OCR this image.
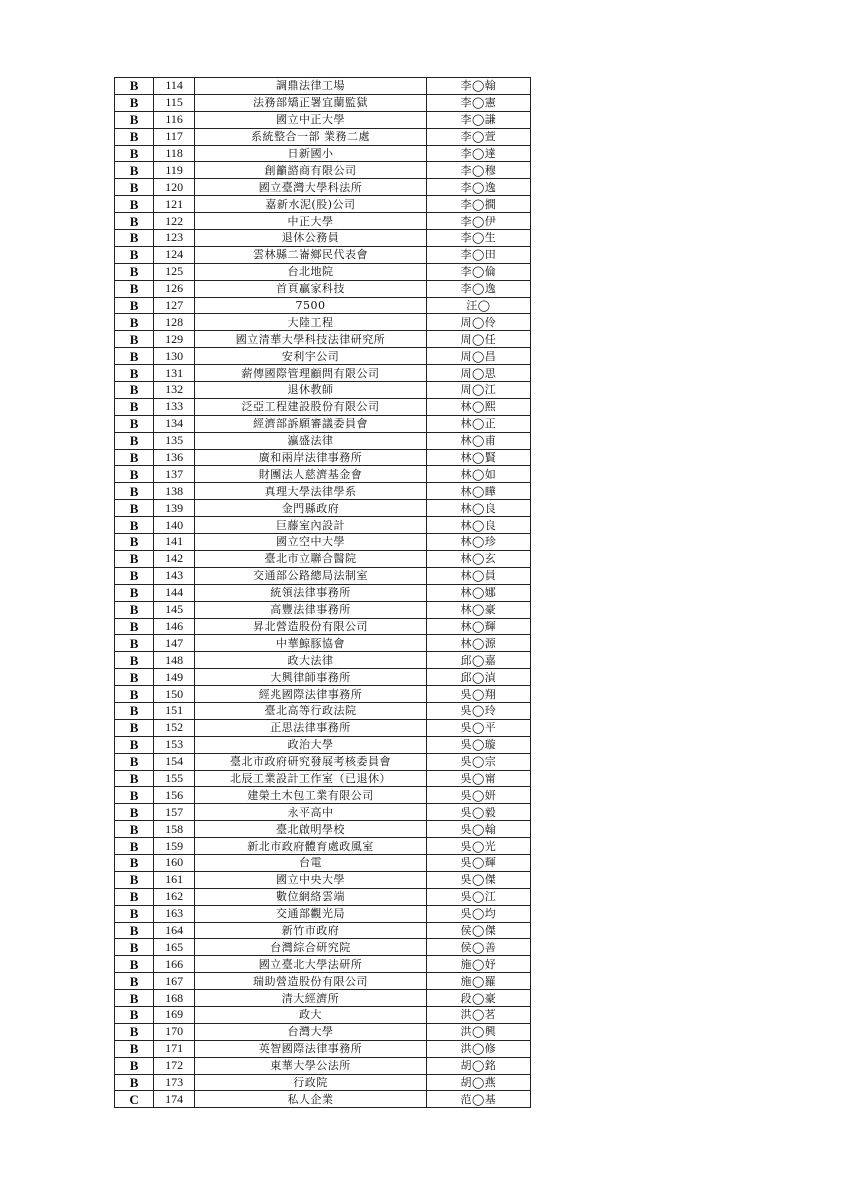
B	114	調鼎法律工場	李◯翰
B	115	法務部矯正署宜蘭監獄	李◯憲
B	116	國立中正大學	李◯謙
B	117	系統整合一部 業務二處	李◯萱
B	118	日新國小	李◯達
B	119	創籲諮商有限公司	李◯穆
B	120	國立臺灣大學科法所	李◯逸
B	121	嘉新水泥(股)公司	李◯撊
B	122	中正大學	李◯伊
B	123	退休公務員	李◯生
B	124	雲林縣二崙鄉民代表會	李◯田
B	125	台北地院	李◯倫
B	126	首頁贏家科技	李◯逸
B	127	7500	汪◯
B	128	大陸工程	周◯伶
B	129	國立清華大學科技法律研究所	周◯任
B	130	安利宇公司	周◯昌
B	131	薪傳國際管理顧問有限公司	周◯思
B	132	退休教師	周◯江
B	133	泛亞工程建設股份有限公司	林◯熙
B	134	經濟部訴願審議委員會	林◯正
B	135	瀛盛法律	林◯甫
B	136	廣和兩岸法律事務所	林◯賢
B	137	財團法人慈濟基金會	林◯如
B	138	真理大學法律學系	林◯瞱
B	139	金門縣政府	林◯良
B	140	巨藤室內設計	林◯良
B	141	國立空中大學	林◯珍
B	142	臺北市立聯合醫院	林◯玄
B	143	交通部公路總局法制室	林◯員
B	144	統領法律事務所	林◯娜
B	145	高豐法律事務所	林◯豪
B	146	昇北營造股份有限公司	林◯輝
B	147	中華鯨豚協會	林◯源
B	148	政大法律	邱◯嘉
B	149	大興律師事務所	邱◯湞
B	150	經兆國際法律事務所	吳◯翔
B	151	臺北高等行政法院	吳◯玲
B	152	正思法律事務所	吳◯平
B	153	政治大學	吳◯璇
B	154	臺北市政府研究發展考核委員會	吳◯宗
B	155	北辰工業設計工作室（已退休）	吳◯甯
B	156	建榮土木包工業有限公司	吳◯妍
B	157	永平高中	吳◯毅
B	158	臺北啟明學校	吳◯翰
B	159	新北市政府體育處政風室	吳◯光
B	160	台電	吳◯輝
B	161	國立中央大學	吳◯傑
B	162	數位網絡雲端	吳◯江
B	163	交通部觀光局	吳◯均
B	164	新竹市政府	侯◯傑
B	165	台灣綜合研究院	侯◯善
B	166	國立臺北大學法研所	施◯妤
B	167	瑞助營造股份有限公司	施◯羅
B	168	清大經濟所	段◯豪
B	169	政大	洪◯茗
B	170	台灣大學	洪◯興
B	171	英智國際法律事務所	洪◯修
B	172	東華大學公法所	胡◯銘
B	173	行政院	胡◯燕
C	174	私人企業	范◯基
